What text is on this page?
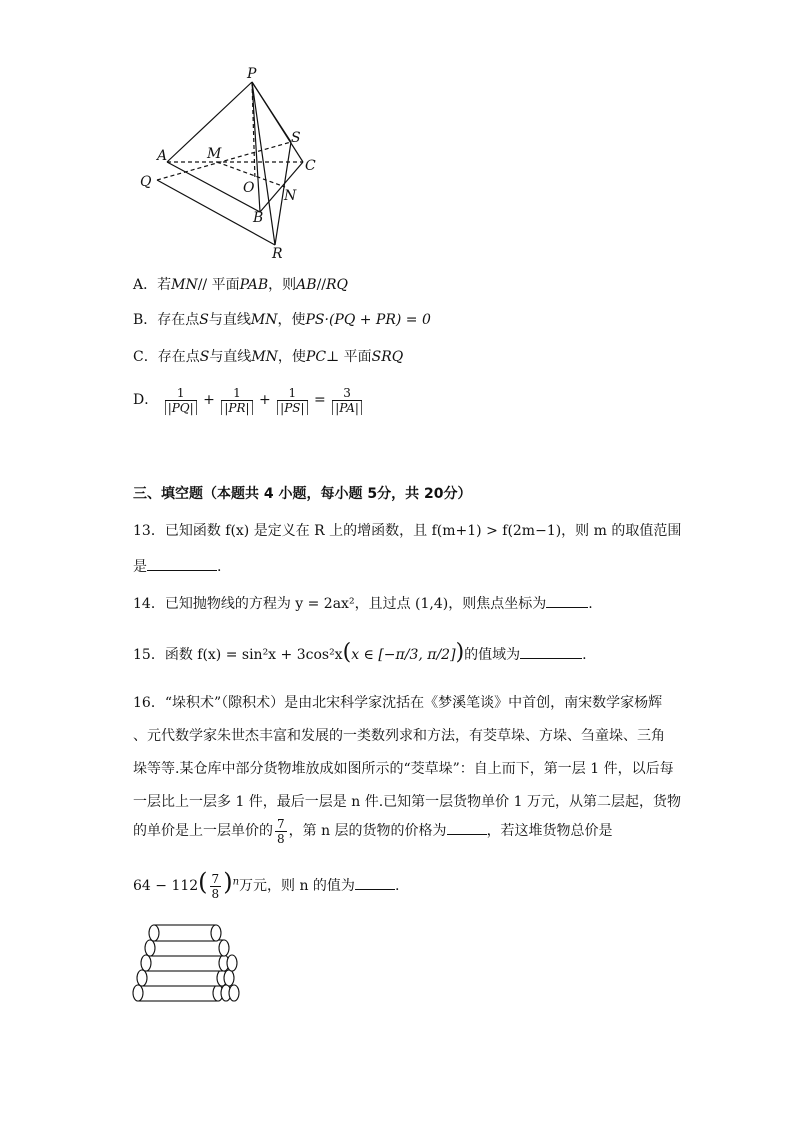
P
A	M
S
C
Q	O N
B
R
A．若MN// 平面PAB，则AB//RQ
B．存在点S与直线MN，使PS·(PQ + PR) = 0
C．存在点S与直线MN，使PC⊥ 平面SRQ
D． $\frac{1}{|PQ|} + \frac{1}{|PR|} + \frac{1}{|PS|} = \frac{3}{|PA|}$
三、填空题（本题共 4 小题，每小题 5分，共 20分）
13．已知函数 f(x) 是定义在 R 上的增函数，且 f(m+1) > f(2m−1)，则 m 的取值范围
是	.
14．已知抛物线的方程为 y = 2ax²，且过点 (1,4)，则焦点坐标为	.
15．函数 f(x) = sin²x + 3cos²x(x ∈ [−π/3, π/2])的值域为	.
16．“垛积术”（隙积术）是由北宋科学家沈括在《梦溪笔谈》中首创，南宋数学家杨辉
、元代数学家朱世杰丰富和发展的一类数列求和方法，有茭草垛、方垛、刍童垛、三角
垛等等.某仓库中部分货物堆放成如图所示的“茭草垛”：自上而下，第一层 1 件，以后每
一层比上一层多 1 件，最后一层是 n 件.已知第一层货物单价 1 万元，从第二层起，货物
的单价是上一层单价的 $\frac{7}{8}$ ，第 n 层的货物的价格为	，若这堆货物总价是
$64 - 112( \frac{7}{8} )^n$万元，则 n 的值为	.
